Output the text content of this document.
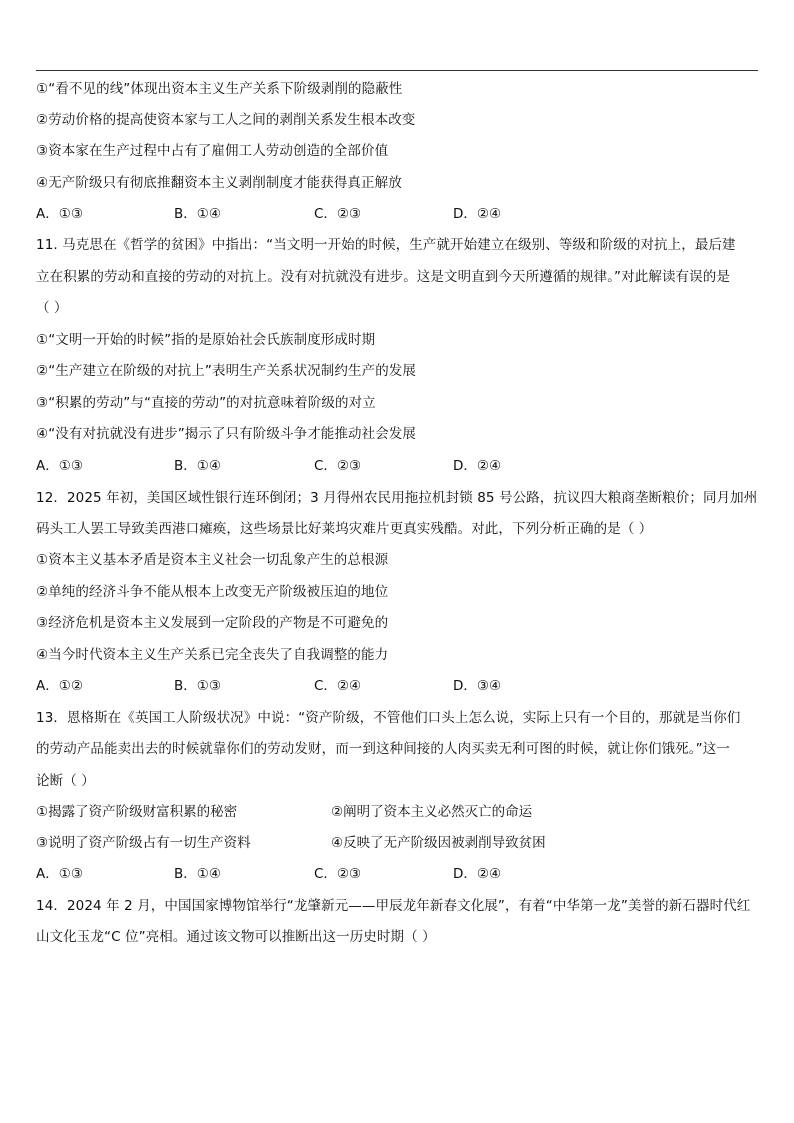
①“看不见的线”体现出资本主义生产关系下阶级剥削的隐蔽性
②劳动价格的提高使资本家与工人之间的剥削关系发生根本改变
③资本家在生产过程中占有了雇佣工人劳动创造的全部价值
④无产阶级只有彻底推翻资本主义剥削制度才能获得真正解放
A．①③	B．①④	C．②③	D．②④
11. 马克思在《哲学的贫困》中指出：“当文明一开始的时候，生产就开始建立在级别、等级和阶级的对抗上，最后建
立在积累的劳动和直接的劳动的对抗上。没有对抗就没有进步。这是文明直到今天所遵循的规律。”对此解读有误的是
（ ）
①“文明一开始的时候”指的是原始社会氏族制度形成时期
②“生产建立在阶级的对抗上”表明生产关系状况制约生产的发展
③“积累的劳动”与“直接的劳动”的对抗意味着阶级的对立
④“没有对抗就没有进步”揭示了只有阶级斗争才能推动社会发展
A．①③	B．①④	C．②③	D．②④
12．2025 年初，美国区域性银行连环倒闭；3 月得州农民用拖拉机封锁 85 号公路，抗议四大粮商垄断粮价；同月加州
码头工人罢工导致美西港口瘫痪，这些场景比好莱坞灾难片更真实残酷。对此，下列分析正确的是（ ）
①资本主义基本矛盾是资本主义社会一切乱象产生的总根源
②单纯的经济斗争不能从根本上改变无产阶级被压迫的地位
③经济危机是资本主义发展到一定阶段的产物是不可避免的
④当今时代资本主义生产关系已完全丧失了自我调整的能力
A．①②	B．①③	C．②④	D．③④
13．恩格斯在《英国工人阶级状况》中说：“资产阶级，不管他们口头上怎么说，实际上只有一个目的，那就是当你们
的劳动产品能卖出去的时候就靠你们的劳动发财，而一到这种间接的人肉买卖无利可图的时候，就让你们饿死。”这一
论断（ ）
①揭露了资产阶级财富积累的秘密	②阐明了资本主义必然灭亡的命运
③说明了资产阶级占有一切生产资料	④反映了无产阶级因被剥削导致贫困
A．①③	B．①④	C．②③	D．②④
14．2024 年 2 月，中国国家博物馆举行“龙肇新元——甲辰龙年新春文化展”，有着“中华第一龙”美誉的新石器时代红
山文化玉龙“C 位”亮相。通过该文物可以推断出这一历史时期（ ）
